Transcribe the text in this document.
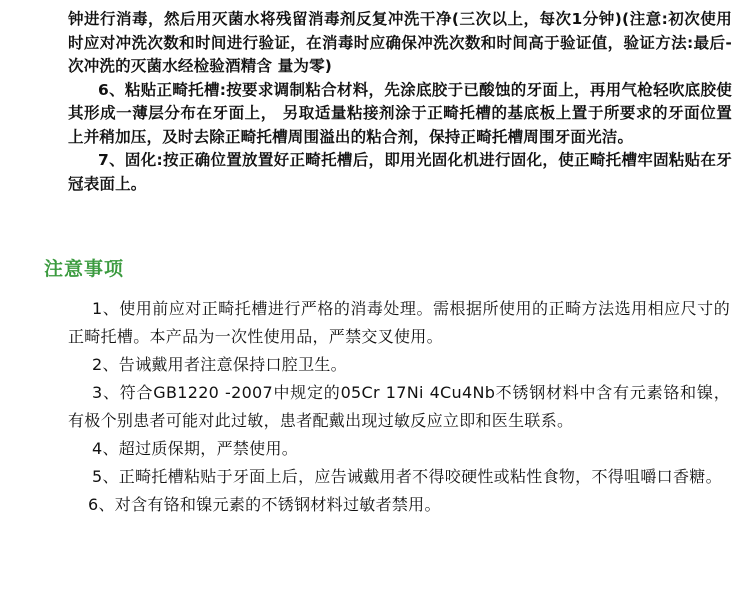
钟进行消毒，然后用灭菌水将残留消毒剂反复冲洗干净(三次以上，每次1分钟)(注意:初次使用时应对冲洗次数和时间进行验证，在消毒时应确保冲洗次数和时间高于验证值，验证方法:最后-次冲洗的灭菌水经检验酒精含 量为零)

6、粘贴正畸托槽:按要求调制粘合材料，先涂底胶于已酸蚀的牙面上，再用气枪轻吹底胶使其形成一薄层分布在牙面上， 另取适量粘接剂涂于正畸托槽的基底板上置于所要求的牙面位置上并稍加压，及时去除正畸托槽周围溢出的粘合剂，保持正畸托槽周围牙面光洁。

7、固化:按正确位置放置好正畸托槽后，即用光固化机进行固化，使正畸托槽牢固粘贴在牙冠表面上。

注意事项

1、使用前应对正畸托槽进行严格的消毒处理。需根据所使用的正畸方法选用相应尺寸的正畸托槽。本产品为一次性使用品，严禁交叉使用。

2、告诫戴用者注意保持口腔卫生。

3、符合GB1220 -2007中规定的05Cr 17Ni 4Cu4Nb不锈钢材料中含有元素铬和镍，有极个别患者可能对此过敏，患者配戴出现过敏反应立即和医生联系。

4、超过质保期，严禁使用。

5、正畸托槽粘贴于牙面上后，应告诫戴用者不得咬硬性或粘性食物，不得咀嚼口香糖。

6、对含有铬和镍元素的不锈钢材料过敏者禁用。
